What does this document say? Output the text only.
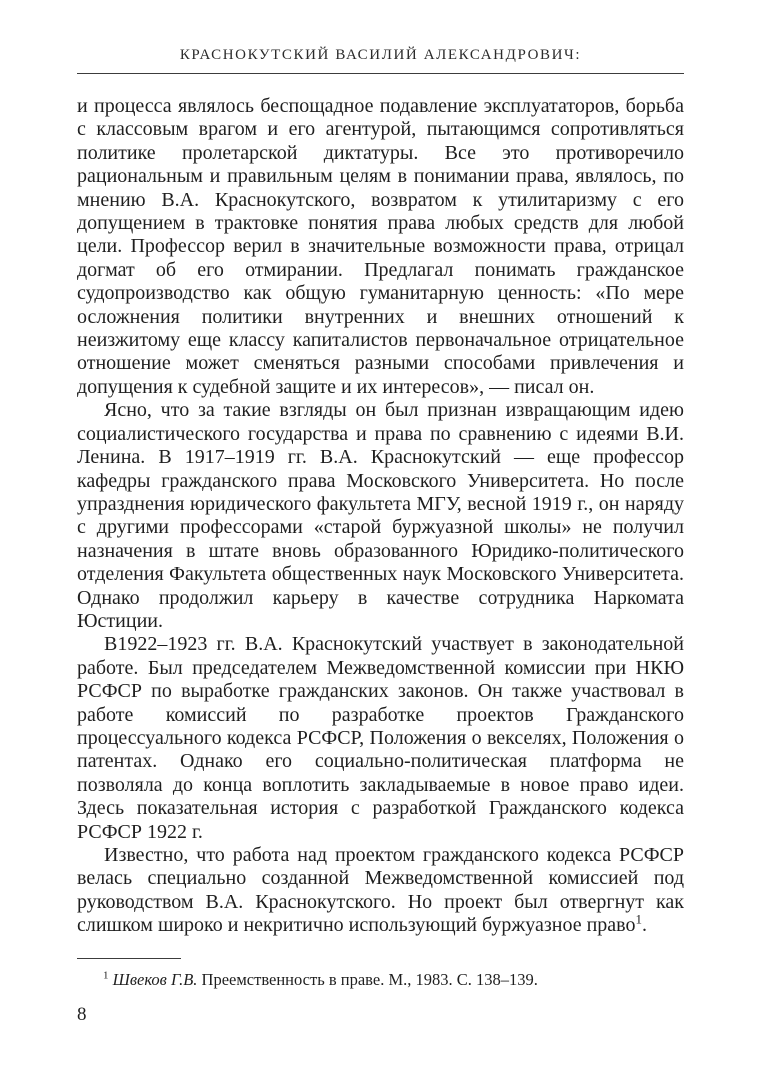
КРАСНОКУТСКИЙ ВАСИЛИЙ АЛЕКСАНДРОВИЧ:

и процесса являлось беспощадное подавление эксплуататоров, борьба с классовым врагом и его агентурой, пытающимся сопротивляться политике пролетарской диктатуры. Все это противоречило рациональным и правильным целям в понимании права, являлось, по мнению В.А. Краснокутского, возвратом к утилитаризму с его допущением в трактовке понятия права любых средств для любой цели. Профессор верил в значительные возможности права, отрицал догмат об его отмирании. Предлагал понимать гражданское судопроизводство как общую гуманитарную ценность: «По мере осложнения политики внутренних и внешних отношений к неизжитому еще классу капиталистов первоначальное отрицательное отношение может сменяться разными способами привлечения и допущения к судебной защите и их интересов», — писал он.

Ясно, что за такие взгляды он был признан извращающим идею социалистического государства и права по сравнению с идеями В.И. Ленина. В 1917–1919 гг. В.А. Краснокутский — еще профессор кафедры гражданского права Московского Университета. Но после упразднения юридического факультета МГУ, весной 1919 г., он наряду с другими профессорами «старой буржуазной школы» не получил назначения в штате вновь образованного Юридико-политического отделения Факультета общественных наук Московского Университета. Однако продолжил карьеру в качестве сотрудника Наркомата Юстиции.

В1922–1923 гг. В.А. Краснокутский участвует в законодательной работе. Был председателем Межведомственной комиссии при НКЮ РСФСР по выработке гражданских законов. Он также участвовал в работе комиссий по разработке проектов Гражданского процессуального кодекса РСФСР, Положения о векселях, Положения о патентах. Однако его социально-политическая платформа не позволяла до конца воплотить закладываемые в новое право идеи. Здесь показательная история с разработкой Гражданского кодекса РСФСР 1922 г.

Известно, что работа над проектом гражданского кодекса РСФСР велась специально созданной Межведомственной комиссией под руководством В.А. Краснокутского. Но проект был отвергнут как слишком широко и некритично использующий буржуазное право$^1$.

$^1$ Швеков Г.В. Преемственность в праве. М., 1983. С. 138–139.

8
